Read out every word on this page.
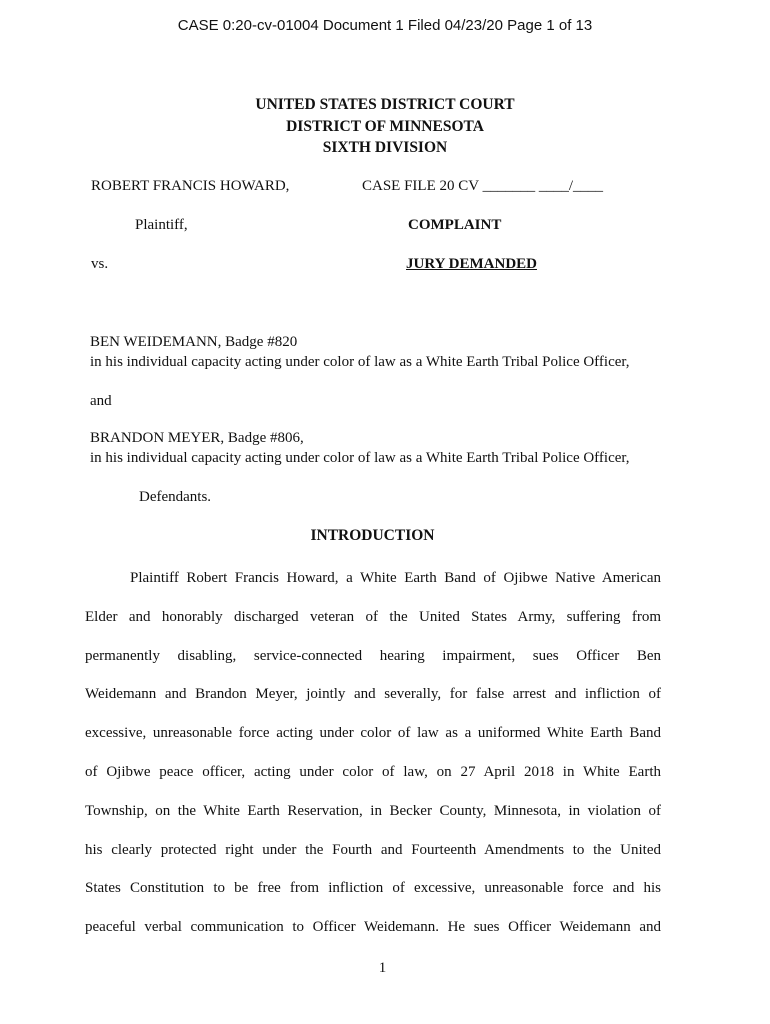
CASE 0:20-cv-01004 Document 1 Filed 04/23/20 Page 1 of 13
UNITED STATES DISTRICT COURT
DISTRICT OF MINNESOTA
SIXTH DIVISION
ROBERT FRANCIS HOWARD,	CASE FILE 20 CV _______ ____/____
Plaintiff,	COMPLAINT
vs.	JURY DEMANDED
BEN WEIDEMANN, Badge #820
in his individual capacity acting under color of law as a White Earth Tribal Police Officer,
and
BRANDON MEYER, Badge #806,
in his individual capacity acting under color of law as a White Earth Tribal Police Officer,
Defendants.
INTRODUCTION
Plaintiff Robert Francis Howard, a White Earth Band of Ojibwe Native American
Elder and honorably discharged veteran of the United States Army, suffering from
permanently disabling, service-connected hearing impairment, sues Officer Ben
Weidemann and Brandon Meyer, jointly and severally, for false arrest and infliction of
excessive, unreasonable force acting under color of law as a uniformed White Earth Band
of Ojibwe peace officer, acting under color of law, on 27 April 2018 in White Earth
Township, on the White Earth Reservation, in Becker County, Minnesota, in violation of
his clearly protected right under the Fourth and Fourteenth Amendments to the United
States Constitution to be free from infliction of excessive, unreasonable force and his
peaceful verbal communication to Officer Weidemann. He sues Officer Weidemann and
1
